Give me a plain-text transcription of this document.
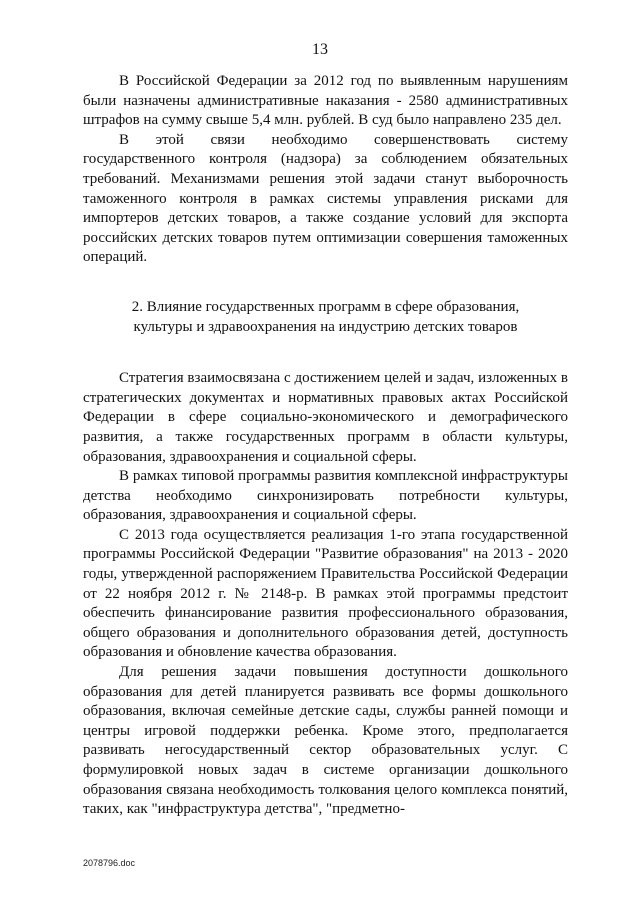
13

В Российской Федерации за 2012 год по выявленным нарушениям были назначены административные наказания - 2580 административных штрафов на сумму свыше 5,4 млн. рублей. В суд было направлено 235 дел.

В этой связи необходимо совершенствовать систему государственного контроля (надзора) за соблюдением обязательных требований. Механизмами решения этой задачи станут выборочность таможенного контроля в рамках системы управления рисками для импортеров детских товаров, а также создание условий для экспорта российских детских товаров путем оптимизации совершения таможенных операций.

2. Влияние государственных программ в сфере образования,
культуры и здравоохранения на индустрию детских товаров

Стратегия взаимосвязана с достижением целей и задач, изложенных в стратегических документах и нормативных правовых актах Российской Федерации в сфере социально-экономического и демографического развития, а также государственных программ в области культуры, образования, здравоохранения и социальной сферы.

В рамках типовой программы развития комплексной инфраструктуры детства необходимо синхронизировать потребности культуры, образования, здравоохранения и социальной сферы.

С 2013 года осуществляется реализация 1-го этапа государственной программы Российской Федерации "Развитие образования" на 2013 - 2020 годы, утвержденной распоряжением Правительства Российской Федерации от 22 ноября 2012 г. № 2148-р. В рамках этой программы предстоит обеспечить финансирование развития профессионального образования, общего образования и дополнительного образования детей, доступность образования и обновление качества образования.

Для решения задачи повышения доступности дошкольного образования для детей планируется развивать все формы дошкольного образования, включая семейные детские сады, службы ранней помощи и центры игровой поддержки ребенка. Кроме этого, предполагается развивать негосударственный сектор образовательных услуг. С формулировкой новых задач в системе организации дошкольного образования связана необходимость толкования целого комплекса понятий, таких, как "инфраструктура детства", "предметно-

2078796.doc
